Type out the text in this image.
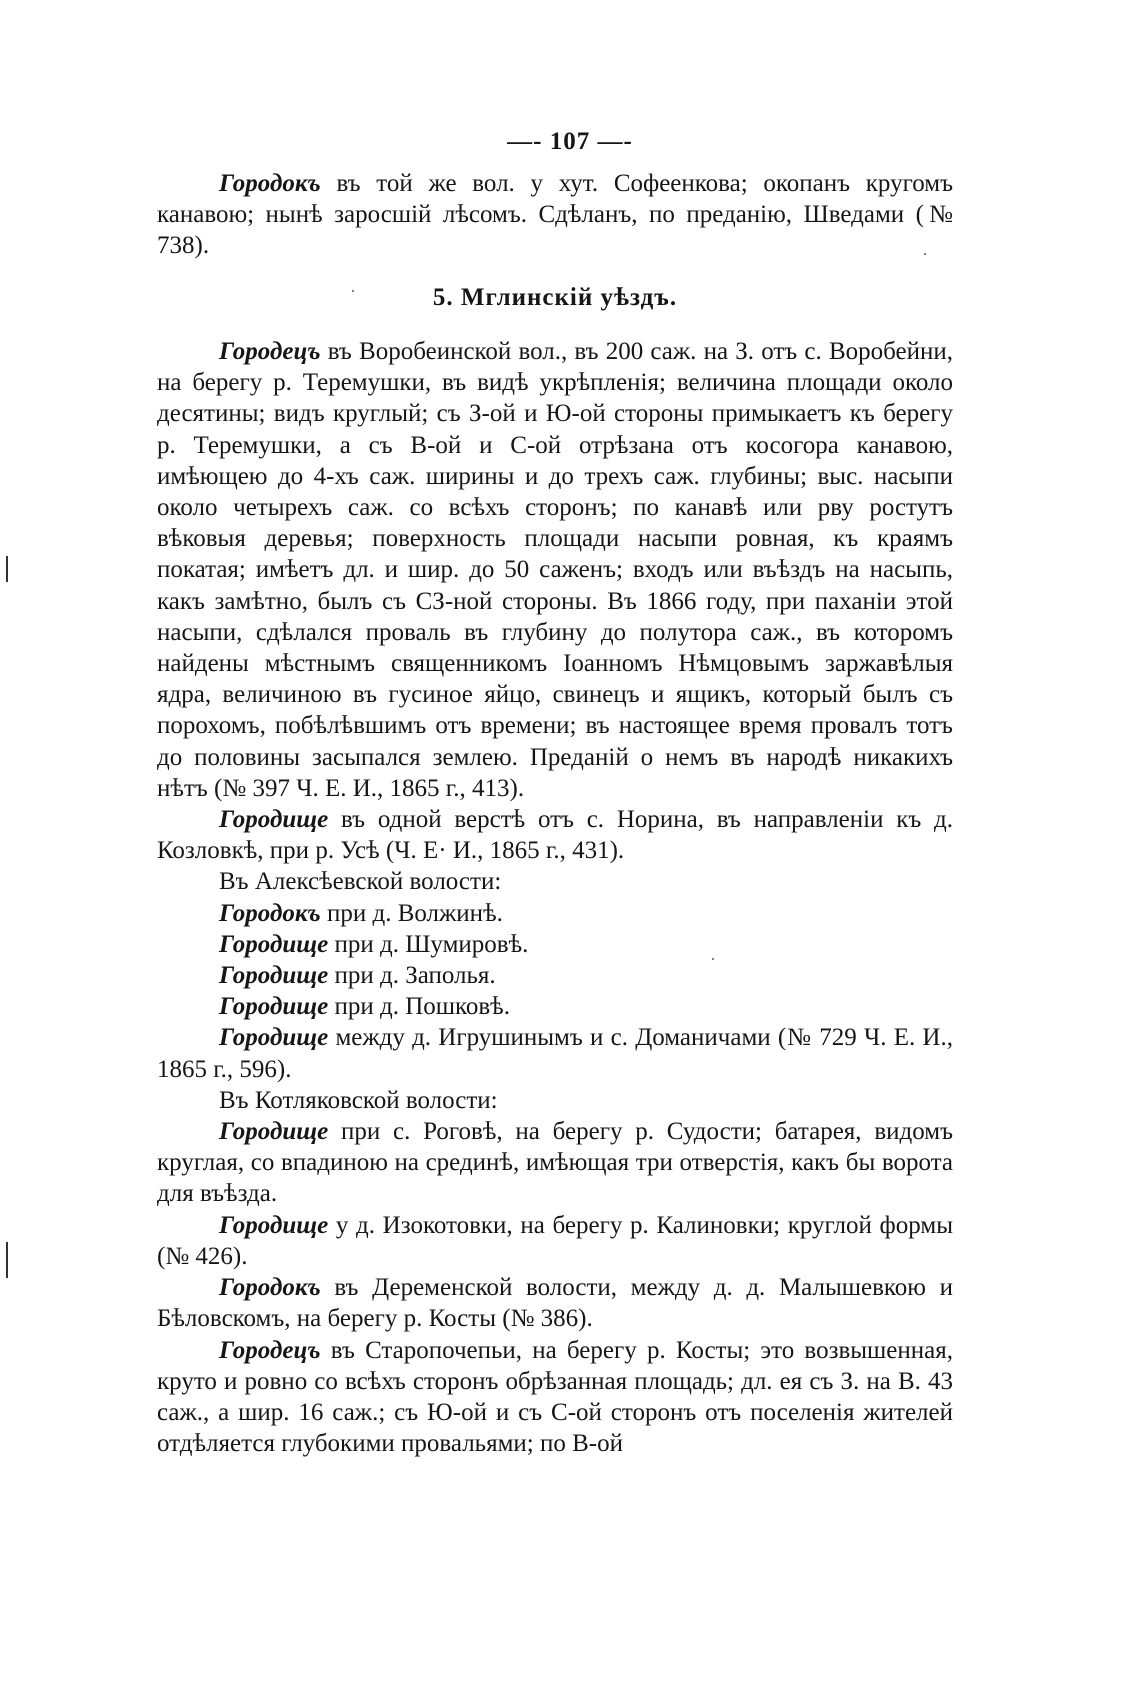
—- 107 —-

Городокъ въ той же вол. у хут. Софеенкова; окопанъ кругомъ канавою; нынѣ заросшій лѣсомъ. Сдѣланъ, по преданію, Шведами (№ 738).

5. Мглинскій уѣздъ.

Городецъ въ Воробеинской вол., въ 200 саж. на З. отъ с. Воробейни, на берегу р. Теремушки, въ видѣ укрѣпленія; величина площади около десятины; видъ круглый; съ З-ой и Ю-ой стороны примыкаетъ къ берегу р. Теремушки, а съ В-ой и С-ой отрѣзана отъ косогора канавою, имѣющею до 4-хъ саж. ширины и до трехъ саж. глубины; выс. насыпи около четырехъ саж. со всѣхъ сторонъ; по канавѣ или рву ростутъ вѣковыя деревья; поверхность площади насыпи ровная, къ краямъ покатая; имѣетъ дл. и шир. до 50 саженъ; входъ или въѣздъ на насыпь, какъ замѣтно, былъ съ СЗ-ной стороны. Въ 1866 году, при паханіи этой насыпи, сдѣлался проваль въ глубину до полутора саж., въ которомъ найдены мѣстнымъ священникомъ Іоанномъ Нѣмцовымъ заржавѣлыя ядра, величиною въ гусиное яйцо, свинецъ и ящикъ, который былъ съ порохомъ, побѣлѣвшимъ отъ времени; въ настоящее время провалъ тотъ до половины засыпался землею. Преданій о немъ въ народѣ никакихъ нѣтъ (№ 397 Ч. Е. И., 1865 г., 413).

Городище въ одной верстѣ отъ с. Норина, въ направленіи къ д. Козловкѣ, при р. Усѣ (Ч. Е· И., 1865 г., 431).

Въ Алексѣевской волости:

Городокъ при д. Волжинѣ.

Городище при д. Шумировѣ.

Городище при д. Заполья.

Городище при д. Пошковѣ.

Городище между д. Игрушинымъ и с. Доманичами (№ 729 Ч. Е. И., 1865 г., 596).

Въ Котляковской волости:

Городище при с. Роговѣ, на берегу р. Судости; батарея, видомъ круглая, со впадиною на срединѣ, имѣющая три отверстія, какъ бы ворота для въѣзда.

Городище у д. Изокотовки, на берегу р. Калиновки; круглой формы (№ 426).

Городокъ въ Деременской волости, между д. д. Малышевкою и Бѣловскомъ, на берегу р. Косты (№ 386).

Городецъ въ Старопочепьи, на берегу р. Косты; это возвышенная, круто и ровно со всѣхъ сторонъ обрѣзанная площадь; дл. ея съ З. на В. 43 саж., а шир. 16 саж.; съ Ю-ой и съ С-ой сторонъ отъ поселенія жителей отдѣляется глубокими провальями; по В-ой
